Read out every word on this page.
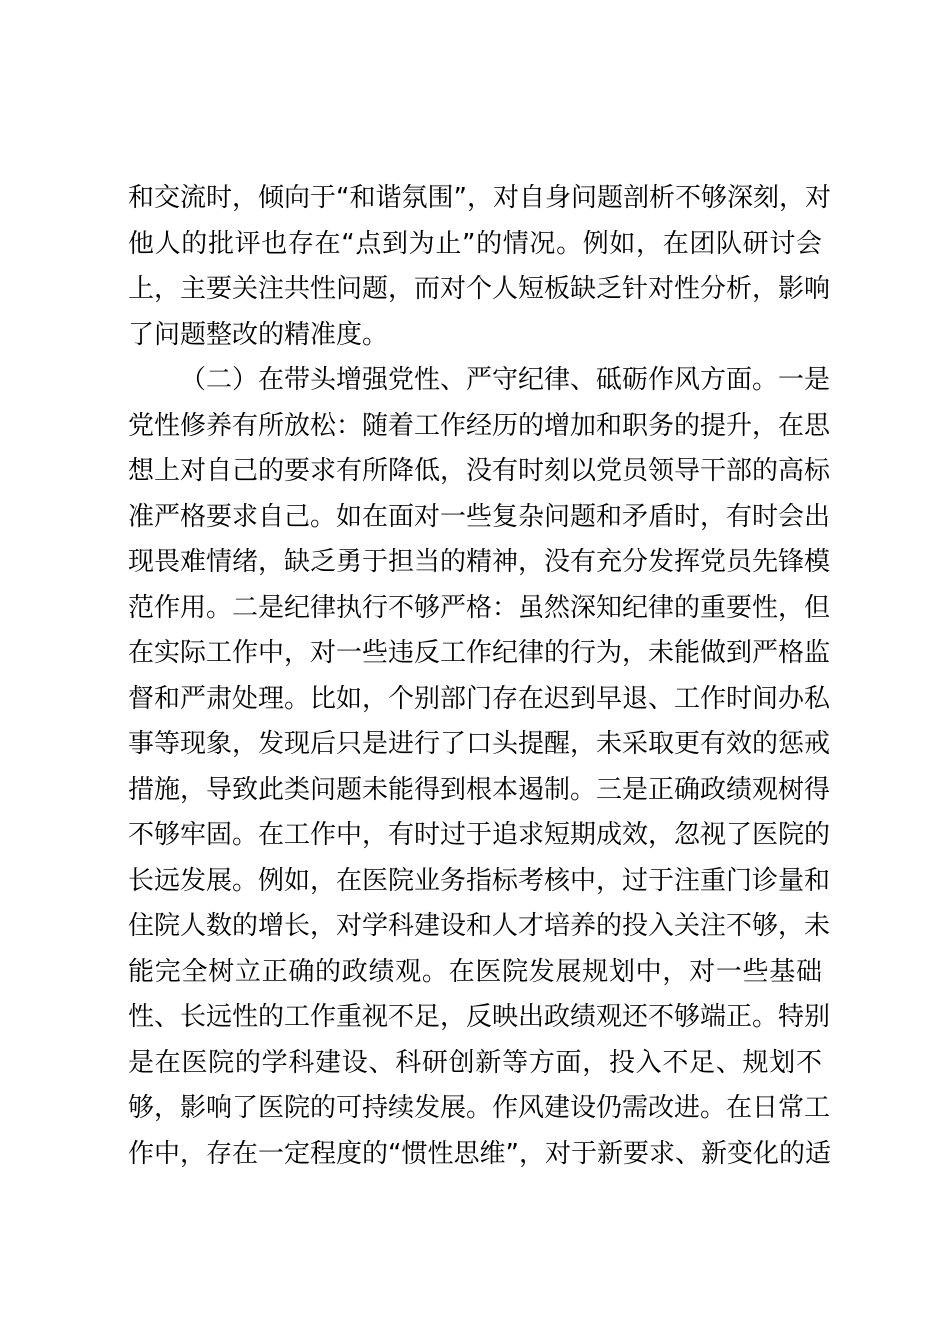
和交流时，倾向于“和谐氛围”，对自身问题剖析不够深刻，对
他人的批评也存在“点到为止”的情况。例如，在团队研讨会
上，主要关注共性问题，而对个人短板缺乏针对性分析，影响
了问题整改的精准度。
（二）在带头增强党性、严守纪律、砥砺作风方面。一是
党性修养有所放松：随着工作经历的增加和职务的提升，在思
想上对自己的要求有所降低，没有时刻以党员领导干部的高标
准严格要求自己。如在面对一些复杂问题和矛盾时，有时会出
现畏难情绪，缺乏勇于担当的精神，没有充分发挥党员先锋模
范作用。二是纪律执行不够严格：虽然深知纪律的重要性，但
在实际工作中，对一些违反工作纪律的行为，未能做到严格监
督和严肃处理。比如，个别部门存在迟到早退、工作时间办私
事等现象，发现后只是进行了口头提醒，未采取更有效的惩戒
措施，导致此类问题未能得到根本遏制。三是正确政绩观树得
不够牢固。在工作中，有时过于追求短期成效，忽视了医院的
长远发展。例如，在医院业务指标考核中，过于注重门诊量和
住院人数的增长，对学科建设和人才培养的投入关注不够，未
能完全树立正确的政绩观。在医院发展规划中，对一些基础
性、长远性的工作重视不足，反映出政绩观还不够端正。特别
是在医院的学科建设、科研创新等方面，投入不足、规划不
够，影响了医院的可持续发展。作风建设仍需改进。在日常工
作中，存在一定程度的“惯性思维”，对于新要求、新变化的适
